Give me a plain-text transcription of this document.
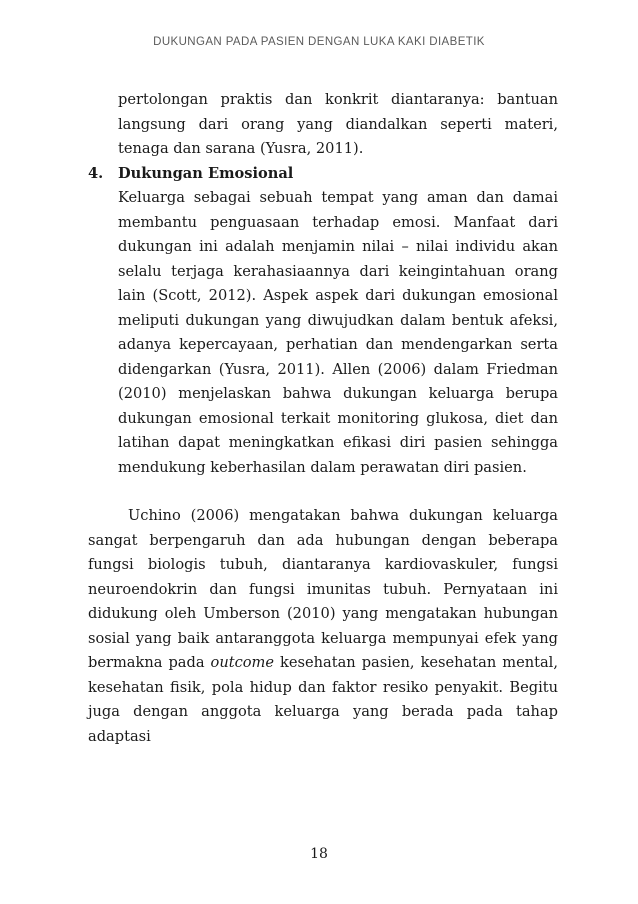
DUKUNGAN PADA PASIEN DENGAN LUKA KAKI DIABETIK
pertolongan praktis dan konkrit diantaranya: bantuan langsung dari orang yang diandalkan seperti materi, tenaga dan sarana (Yusra, 2011).
4. Dukungan Emosional
Keluarga sebagai sebuah tempat yang aman dan damai membantu penguasaan terhadap emosi. Manfaat dari dukungan ini adalah menjamin nilai – nilai individu akan selalu terjaga kerahasiaannya dari keingintahuan orang lain (Scott, 2012). Aspek aspek dari dukungan emosional meliputi dukungan yang diwujudkan dalam bentuk afeksi, adanya kepercayaan, perhatian dan mendengarkan serta didengarkan (Yusra, 2011). Allen (2006) dalam Friedman (2010) menjelaskan bahwa dukungan keluarga berupa dukungan emosional terkait monitoring glukosa, diet dan latihan dapat meningkatkan efikasi diri pasien sehingga mendukung keberhasilan dalam perawatan diri pasien.
Uchino (2006) mengatakan bahwa dukungan keluarga sangat berpengaruh dan ada hubungan dengan beberapa fungsi biologis tubuh, diantaranya kardiovaskuler, fungsi neuroendokrin dan fungsi imunitas tubuh. Pernyataan ini didukung oleh Umberson (2010) yang mengatakan hubungan sosial yang baik antaranggota keluarga mempunyai efek yang bermakna pada outcome kesehatan pasien, kesehatan mental, kesehatan fisik, pola hidup dan faktor resiko penyakit. Begitu juga dengan anggota keluarga yang berada pada tahap adaptasi
18
